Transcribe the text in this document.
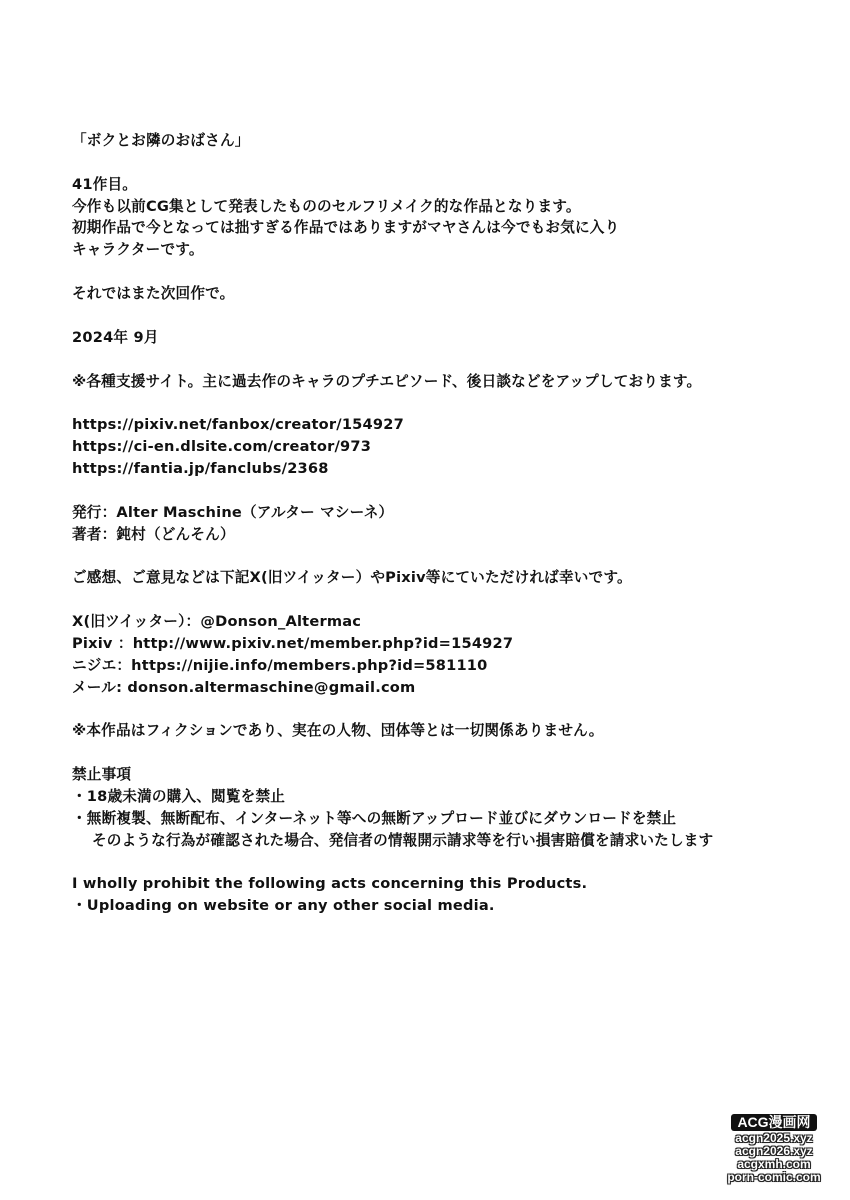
「ボクとお隣のおばさん」
41作目。
今作も以前CG集として発表したもののセルフリメイク的な作品となります。
初期作品で今となっては拙すぎる作品ではありますがマヤさんは今でもお気に入り
キャラクターです。
それではまた次回作で。
2024年 9月
※各種支援サイト。主に過去作のキャラのプチエピソード、後日談などをアップしております。
https://pixiv.net/fanbox/creator/154927
https://ci-en.dlsite.com/creator/973
https://fantia.jp/fanclubs/2368
発行：Alter Maschine（アルター マシーネ）
著者：鈍村（どんそん）
ご感想、ご意見などは下記X(旧ツイッター）やPixiv等にていただければ幸いです。
X(旧ツイッター）：@Donson_Altermac
Pixiv ：http://www.pixiv.net/member.php?id=154927
ニジエ：https://nijie.info/members.php?id=581110
メール: donson.altermaschine@gmail.com
※本作品はフィクションであり、実在の人物、団体等とは一切関係ありません。
禁止事項
・18歳未満の購入、閲覧を禁止
・無断複製、無断配布、インターネット等への無断アップロード並びにダウンロードを禁止
そのような行為が確認された場合、発信者の情報開示請求等を行い損害賠償を請求いたします
I wholly prohibit the following acts concerning this Products.
・Uploading on website or any other social media.
ACG漫画网
acgn2025.xyz
acgn2026.xyz
acgxmh.com
porn-comic.com
